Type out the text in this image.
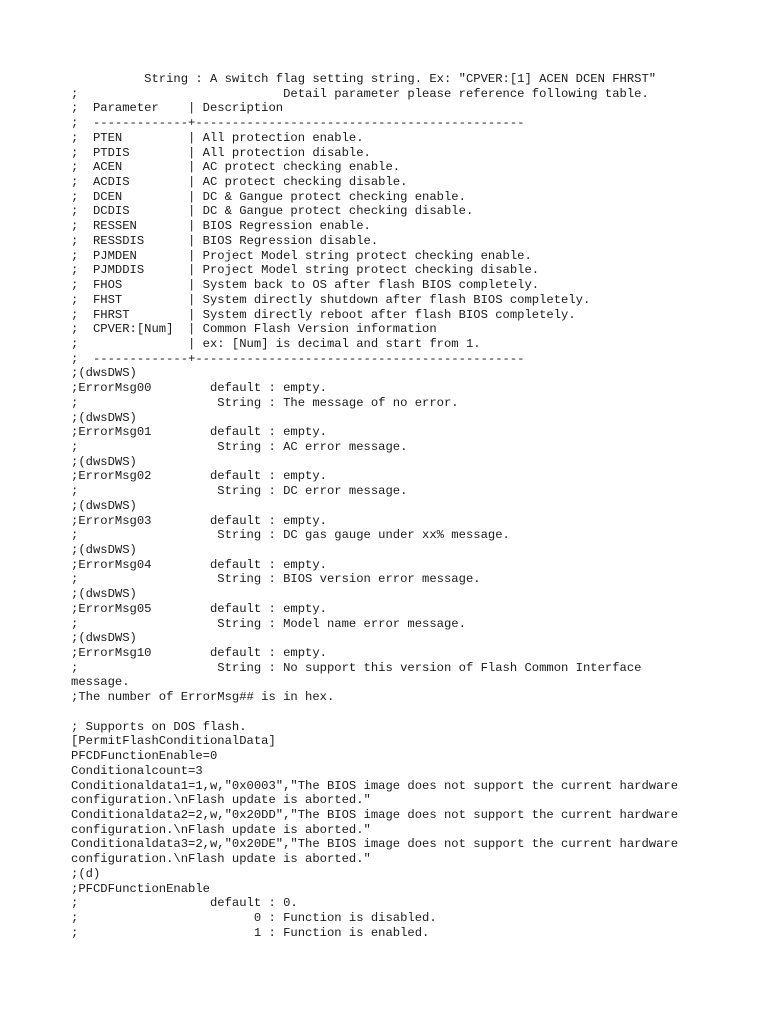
String : A switch flag setting string. Ex: "CPVER:[1] ACEN DCEN FHRST"
;                            Detail parameter please reference following table.
;  Parameter    | Description
;  -------------+---------------------------------------------
;  PTEN         | All protection enable.
;  PTDIS        | All protection disable.
;  ACEN         | AC protect checking enable.
;  ACDIS        | AC protect checking disable.
;  DCEN         | DC & Gangue protect checking enable.
;  DCDIS        | DC & Gangue protect checking disable.
;  RESSEN       | BIOS Regression enable.
;  RESSDIS      | BIOS Regression disable.
;  PJMDEN       | Project Model string protect checking enable.
;  PJMDDIS      | Project Model string protect checking disable.
;  FHOS         | System back to OS after flash BIOS completely.
;  FHST         | System directly shutdown after flash BIOS completely.
;  FHRST        | System directly reboot after flash BIOS completely.
;  CPVER:[Num]  | Common Flash Version information
;               | ex: [Num] is decimal and start from 1.
;  -------------+---------------------------------------------
;(dwsDWS)
;ErrorMsg00        default : empty.
;                   String : The message of no error.
;(dwsDWS)
;ErrorMsg01        default : empty.
;                   String : AC error message.
;(dwsDWS)
;ErrorMsg02        default : empty.
;                   String : DC error message.
;(dwsDWS)
;ErrorMsg03        default : empty.
;                   String : DC gas gauge under xx% message.
;(dwsDWS)
;ErrorMsg04        default : empty.
;                   String : BIOS version error message.
;(dwsDWS)
;ErrorMsg05        default : empty.
;                   String : Model name error message.
;(dwsDWS)
;ErrorMsg10        default : empty.
;                   String : No support this version of Flash Common Interface
message.
;The number of ErrorMsg## is in hex.
; Supports on DOS flash.
[PermitFlashConditionalData]
PFCDFunctionEnable=0
Conditionalcount=3
Conditionaldata1=1,w,"0x0003","The BIOS image does not support the current hardware
configuration.\nFlash update is aborted."
Conditionaldata2=2,w,"0x20DD","The BIOS image does not support the current hardware
configuration.\nFlash update is aborted."
Conditionaldata3=2,w,"0x20DE","The BIOS image does not support the current hardware
configuration.\nFlash update is aborted."
;(d)
;PFCDFunctionEnable
;                  default : 0.
;                        0 : Function is disabled.
;                        1 : Function is enabled.
